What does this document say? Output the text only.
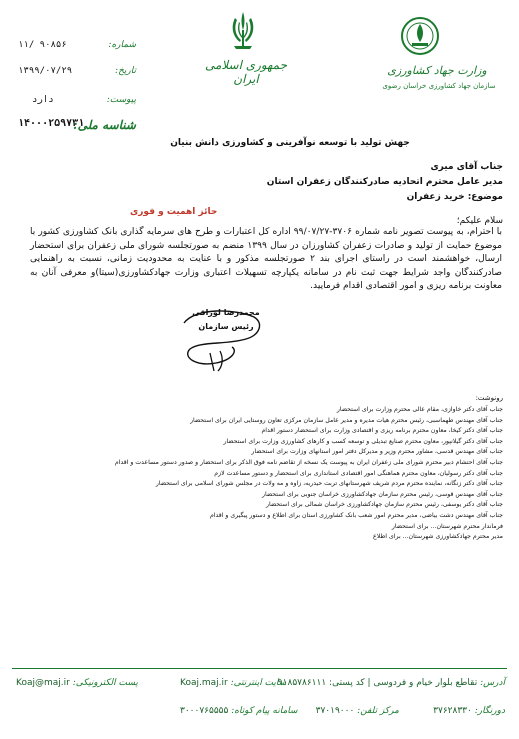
جمهوری اسلامی ایران
وزارت جهاد کشاورزی
سازمان جهاد کشاورزی خراسان رضوی
شماره:
۱۱/ ۹۰۸۵۶
تاریخ:
۱۳۹۹/۰۷/۲۹
پیوست:
دارد
شناسه ملی:
۱۴۰۰۰۲۵۹۷۳۱
جهش تولید با توسعه نوآفرینی و کشاورزی دانش بنیان
جناب آقای میری
مدیر عامل محترم اتحادیه صادرکنندگان زعفران استان
موضوع: خرید زعفران
حائز اهمیت و فوری
سلام علیکم؛
با احترام، به پیوست تصویر نامه شماره ۳۷۰۶-۹۹/۰۷/۲۷ اداره کل اعتبارات و طرح های سرمایه گذاری بانک کشاورزی کشور با موضوع حمایت از تولید و صادرات زعفران کشاورزان در سال ۱۳۹۹ منضم به صورتجلسه شورای ملی زعفران برای استحضار ارسال، خواهشمند است در راستای اجرای بند ۲ صورتجلسه مذکور و با عنایت به محدودیت زمانی، نسبت به راهنمایی صادرکنندگان واجد شرایط جهت ثبت نام در سامانه یکپارچه تسهیلات اعتباری وزارت جهادکشاورزی(سیتا)و معرفی آنان به معاونت برنامه ریزی و امور اقتصادی اقدام فرمایید.
محمدرضا لوراقی
رئیس سازمان
رونوشت:
جناب آقای دکتر خاوازی، مقام عالی محترم وزارت برای استحضار
جناب آقای مهندس طهماسبی، رئیس محترم هیات مدیره و مدیر عامل سازمان مرکزی تعاون روستایی ایران برای استحضار
جناب آقای دکتر کیخا، معاون محترم برنامه ریزی و اقتصادی وزارت برای استحضار دستور اقدام
جناب آقای دکتر گیلانپور، معاون محترم صنایع تبدیلی و توسعه کسب و کارهای کشاورزی وزارت برای استحضار
جناب آقای مهندس قدسی، مشاور محترم وزیر و مدیرکل دفتر امور استانهای وزارت برای استحضار
جناب آقای احتشام دبیر محترم شورای ملی زعفران ایران به پیوست یک نسخه از تقاضم نامه فوق الذکر برای استحضار و صدور دستور مساعدت و اقدام
جناب آقای دکتر رسولیان، معاون محترم هماهنگی امور اقتصادی استانداری برای استحضار و دستور مساعدت لازم
جناب آقای دکتر زنگانه، نماینده محترم مردم شریف شهرستانهای تربت حیدریه، زاوه و مه ولات در مجلس شورای اسلامی برای استحضار
جناب آقای مهندس قوسی، رئیس محترم سازمان جهادکشاورزی خراسان جنوبی برای استحضار
جناب آقای دکتر یوسفی، رئیس محترم سازمان جهادکشاورزی خراسان شمالی برای استحضار
جناب آقای مهندس دشت بیاضی، مدیر محترم امور شعب بانک کشاورزی استان برای اطلاع و دستور پیگیری و اقدام
فرماندار محترم شهرستان... برای استحضار
مدیر محترم جهادکشاورزی شهرستان... برای اطلاع
آدرس: تقاطع بلوار خیام و فردوسی | کد پستی: ۹۱۸۵۷۸۶۱۱۱
دورنگار: ۳۷۶۲۸۳۳۰
مرکز تلفن: ۳۷۰۱۹۰۰۰
سایت اینترنتی: Koaj.maj.ir
سامانه پیام کوتاه: ۳۰۰۰۷۶۵۵۵۵
پست الکترونیکی: Koaj@maj.ir
